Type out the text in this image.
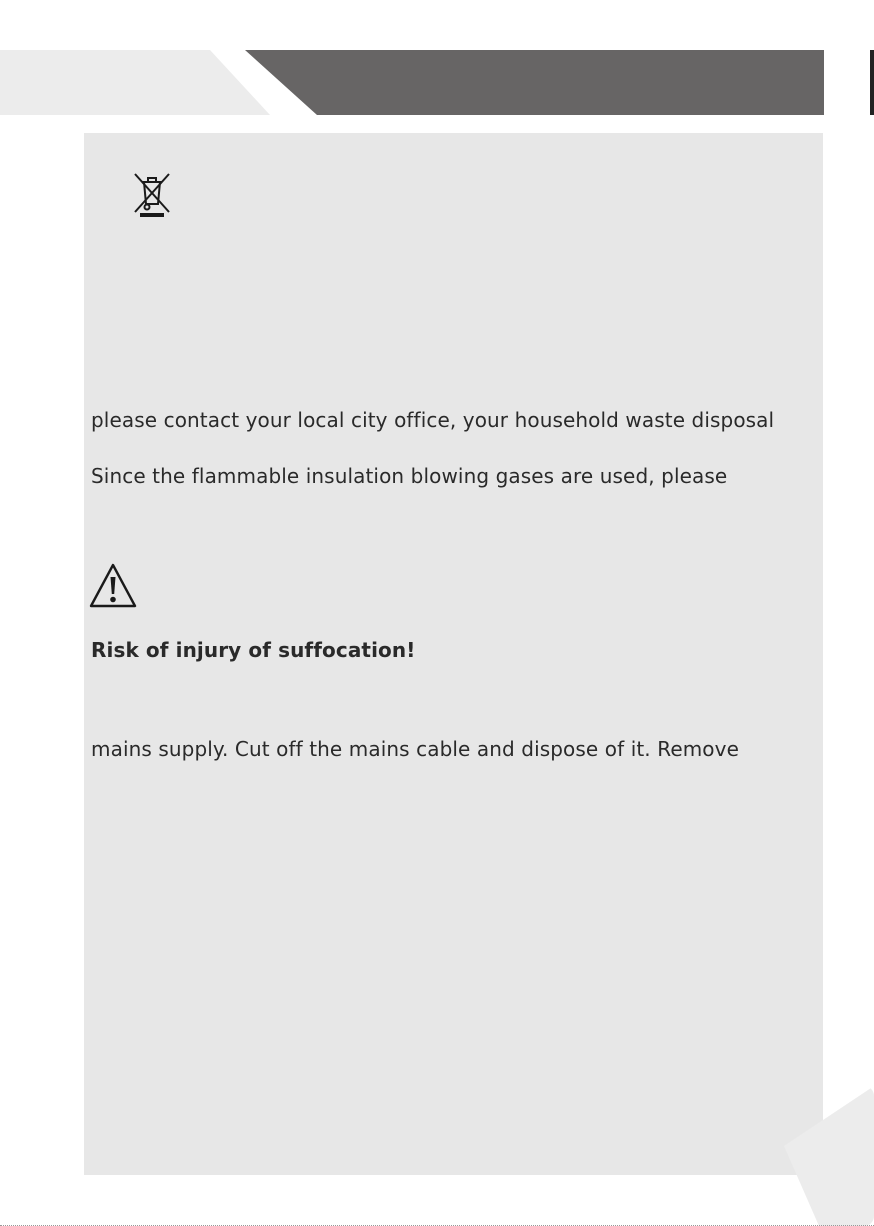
please contact your local city office, your household waste disposal
Since the flammable insulation blowing gases are used, please
Risk of injury of suffocation!
mains supply. Cut off the mains cable and dispose of it. Remove
